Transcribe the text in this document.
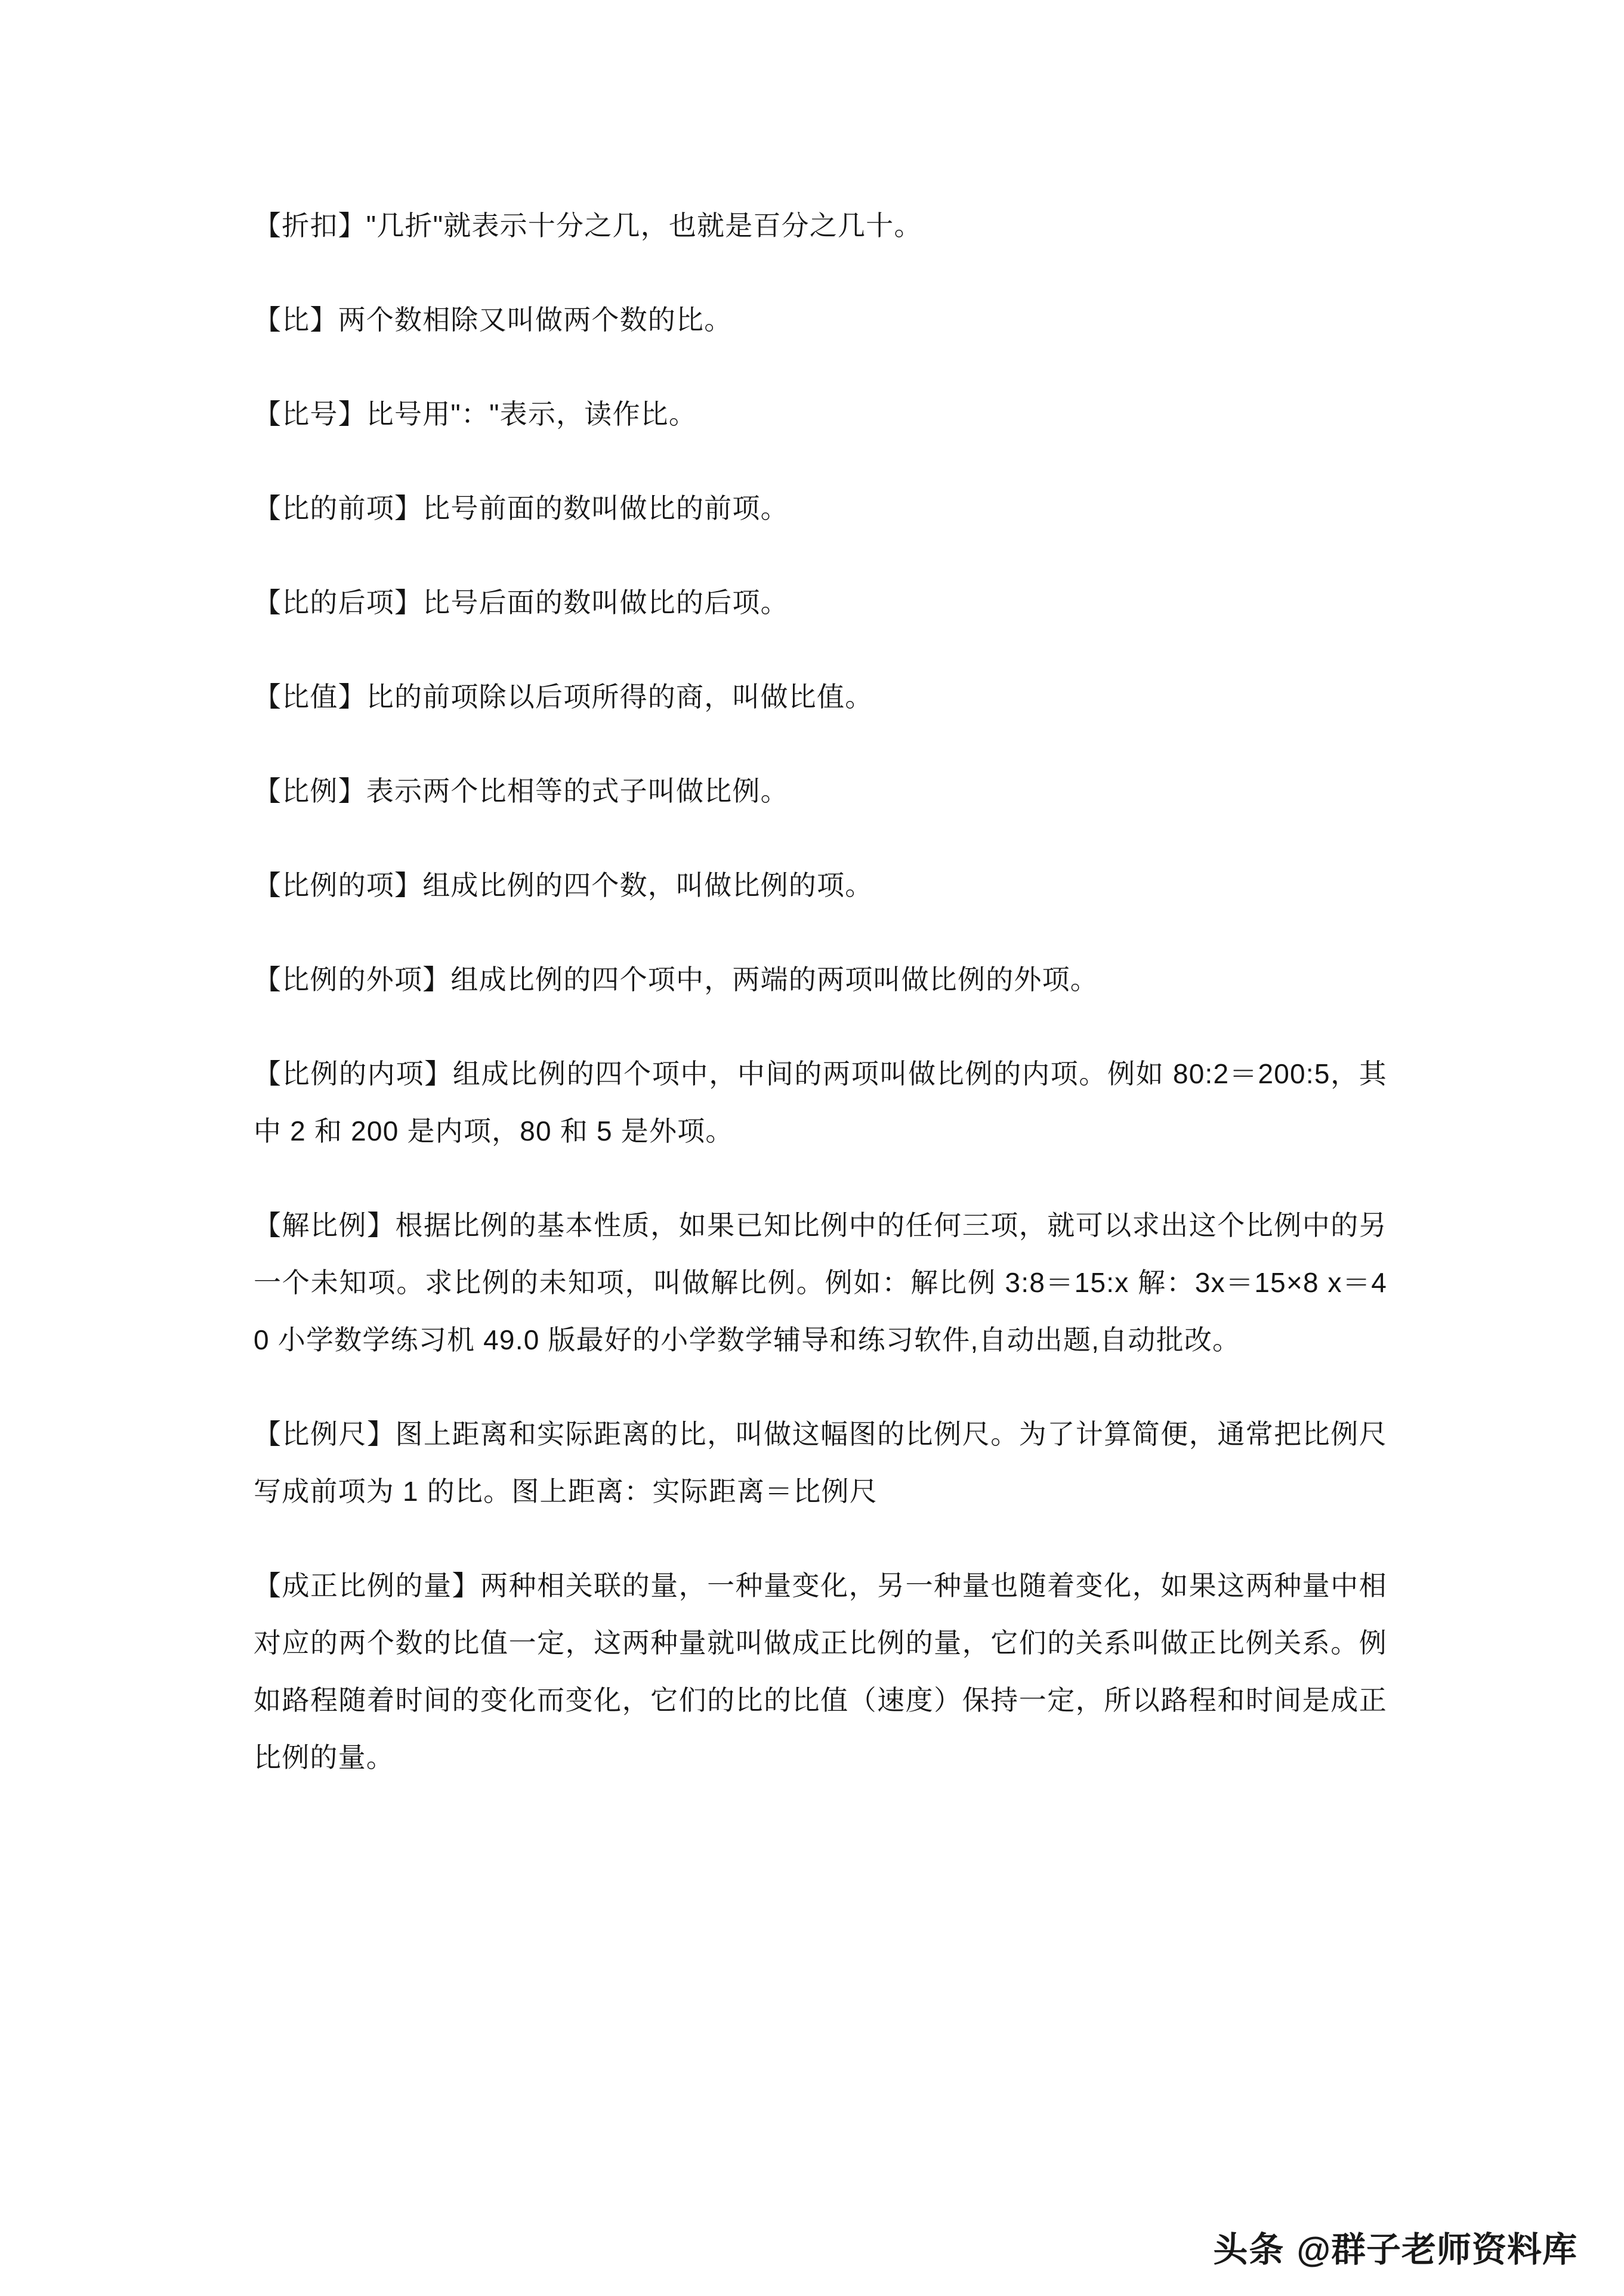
【折扣】"几折"就表示十分之几，也就是百分之几十。

【比】两个数相除又叫做两个数的比。

【比号】比号用"："表示，读作比。

【比的前项】比号前面的数叫做比的前项。

【比的后项】比号后面的数叫做比的后项。

【比值】比的前项除以后项所得的商，叫做比值。

【比例】表示两个比相等的式子叫做比例。

【比例的项】组成比例的四个数，叫做比例的项。

【比例的外项】组成比例的四个项中，两端的两项叫做比例的外项。

【比例的内项】组成比例的四个项中，中间的两项叫做比例的内项。例如 80:2＝200:5，其中 2 和 200 是内项，80 和 5 是外项。

【解比例】根据比例的基本性质，如果已知比例中的任何三项，就可以求出这个比例中的另一个未知项。求比例的未知项，叫做解比例。例如：解比例 3:8＝15:x 解：3x＝15×8 x＝40 小学数学练习机 49.0 版最好的小学数学辅导和练习软件,自动出题,自动批改。

【比例尺】图上距离和实际距离的比，叫做这幅图的比例尺。为了计算简便，通常把比例尺写成前项为 1 的比。图上距离：实际距离＝比例尺

【成正比例的量】两种相关联的量，一种量变化，另一种量也随着变化，如果这两种量中相对应的两个数的比值一定，这两种量就叫做成正比例的量，它们的关系叫做正比例关系。例如路程随着时间的变化而变化，它们的比的比值（速度）保持一定，所以路程和时间是成正比例的量。

头条 @群子老师资料库
